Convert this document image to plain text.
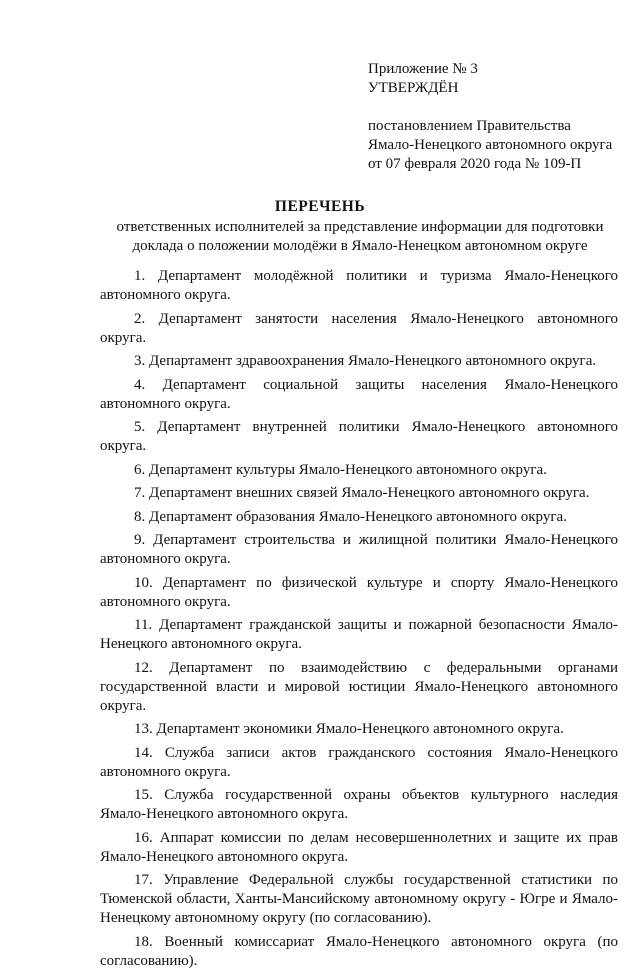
Приложение № 3
УТВЕРЖДЁН
постановлением Правительства
Ямало-Ненецкого автономного округа
от 07 февраля 2020 года № 109-П
ПЕРЕЧЕНЬ
ответственных исполнителей за представление информации для подготовки
доклада о положении молодёжи в Ямало-Ненецком автономном округе

1. Департамент молодёжной политики и туризма Ямало-Ненецкого автономного округа.

2. Департамент занятости населения Ямало-Ненецкого автономного округа.

3. Департамент здравоохранения Ямало-Ненецкого автономного округа.

4. Департамент социальной защиты населения Ямало-Ненецкого автономного округа.

5. Департамент внутренней политики Ямало-Ненецкого автономного округа.

6. Департамент культуры Ямало-Ненецкого автономного округа.

7. Департамент внешних связей Ямало-Ненецкого автономного округа.

8. Департамент образования Ямало-Ненецкого автономного округа.

9. Департамент строительства и жилищной политики Ямало-Ненецкого автономного округа.

10. Департамент по физической культуре и спорту Ямало-Ненецкого автономного округа.

11. Департамент гражданской защиты и пожарной безопасности Ямало-Ненецкого автономного округа.

12. Департамент по взаимодействию с федеральными органами государственной власти и мировой юстиции Ямало-Ненецкого автономного округа.

13. Департамент экономики Ямало-Ненецкого автономного округа.

14. Служба записи актов гражданского состояния Ямало-Ненецкого автономного округа.

15. Служба государственной охраны объектов культурного наследия Ямало-Ненецкого автономного округа.

16. Аппарат комиссии по делам несовершеннолетних и защите их прав Ямало-Ненецкого автономного округа.

17. Управление Федеральной службы государственной статистики по Тюменской области, Ханты-Мансийскому автономному округу - Югре и Ямало-Ненецкому автономному округу (по согласованию).

18. Военный комиссариат Ямало-Ненецкого автономного округа (по согласованию).
